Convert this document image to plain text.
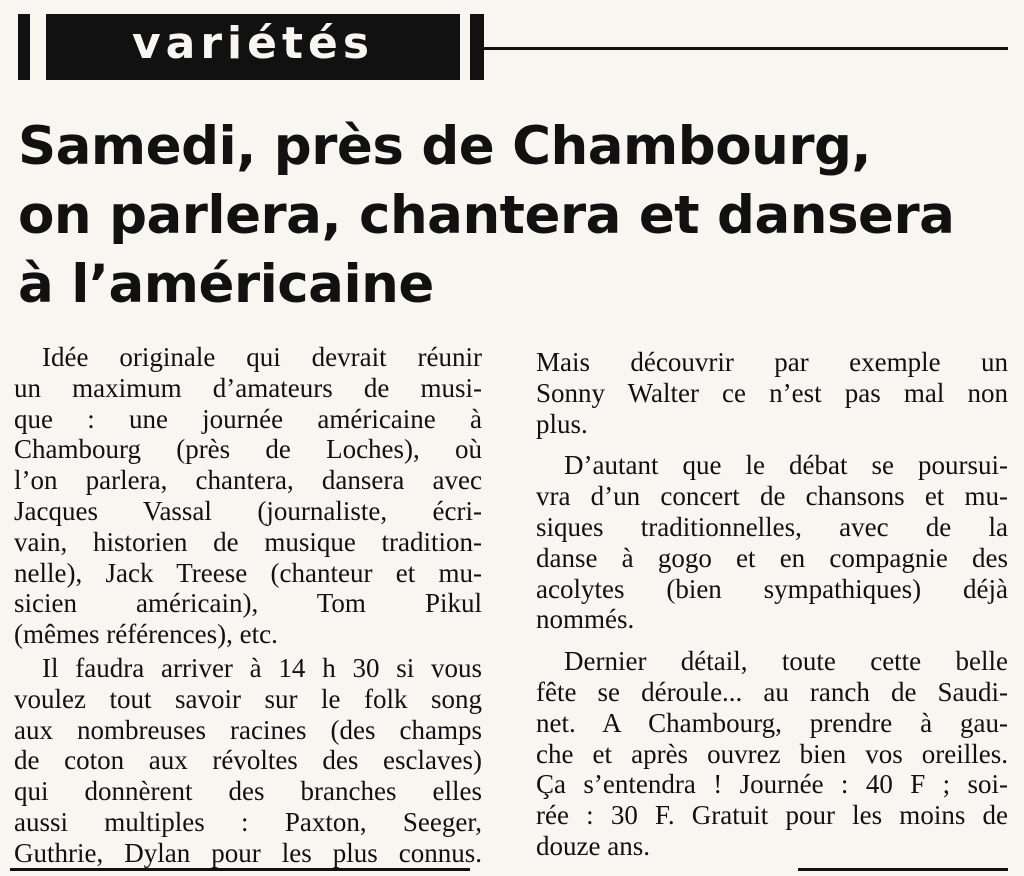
variétés
Samedi, près de Chambourg,
on parlera, chantera et dansera
à l’américaine
Idée originale qui devrait réunir
un maximum d’amateurs de musi-
que : une journée américaine à
Chambourg (près de Loches), où
l’on parlera, chantera, dansera avec
Jacques Vassal (journaliste, écri-
vain, historien de musique tradition-
nelle), Jack Treese (chanteur et mu-
sicien américain), Tom Pikul
(mêmes références), etc.
Il faudra arriver à 14 h 30 si vous
voulez tout savoir sur le folk song
aux nombreuses racines (des champs
de coton aux révoltes des esclaves)
qui donnèrent des branches elles
aussi multiples : Paxton, Seeger,
Guthrie, Dylan pour les plus connus.
Mais découvrir par exemple un
Sonny Walter ce n’est pas mal non
plus.
D’autant que le débat se poursui-
vra d’un concert de chansons et mu-
siques traditionnelles, avec de la
danse à gogo et en compagnie des
acolytes (bien sympathiques) déjà
nommés.
Dernier détail, toute cette belle
fête se déroule... au ranch de Saudi-
net. A Chambourg, prendre à gau-
che et après ouvrez bien vos oreilles.
Ça s’entendra ! Journée : 40 F ; soi-
rée : 30 F. Gratuit pour les moins de
douze ans.
